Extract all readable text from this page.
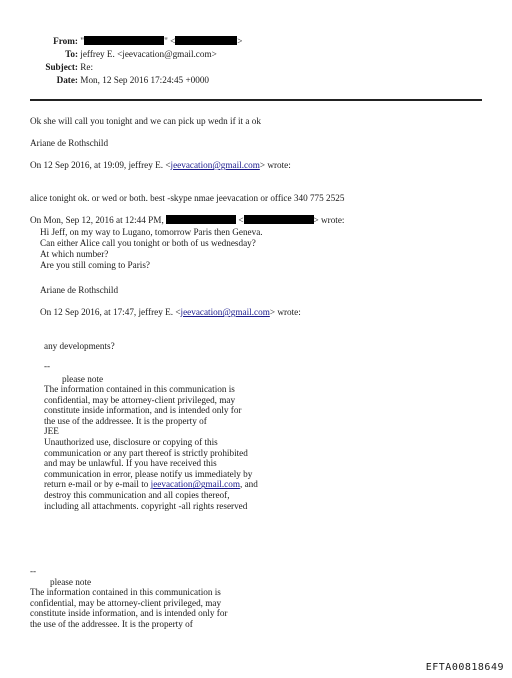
From: "	" <	>
To: jeffrey E. <jeevacation@gmail.com>
Subject: Re:
Date: Mon, 12 Sep 2016 17:24:45 +0000
Ok she will call you tonight and we can pick up wedn if it a ok
Ariane de Rothschild
On 12 Sep 2016, at 19:09, jeffrey E. <jeevacation@gmail.com> wrote:
alice tonight ok. or wed or both. best -skype nmae jeevacation or office 340 775 2525
On Mon, Sep 12, 2016 at 12:44 PM,	<	> wrote:
Hi Jeff, on my way to Lugano, tomorrow Paris then Geneva.
Can either Alice call you tonight or both of us wednesday?
At which number?
Are you still coming to Paris?
Ariane de Rothschild
On 12 Sep 2016, at 17:47, jeffrey E. <jeevacation@gmail.com> wrote:
any developments?
--
please note
The information contained in this communication is
confidential, may be attorney-client privileged, may
constitute inside information, and is intended only for
the use of the addressee. It is the property of
JEE
Unauthorized use, disclosure or copying of this
communication or any part thereof is strictly prohibited
and may be unlawful. If you have received this
communication in error, please notify us immediately by
return e-mail or by e-mail to jeevacation@gmail.com, and
destroy this communication and all copies thereof,
including all attachments. copyright -all rights reserved
--
please note
The information contained in this communication is
confidential, may be attorney-client privileged, may
constitute inside information, and is intended only for
the use of the addressee. It is the property of
EFTA00818649
